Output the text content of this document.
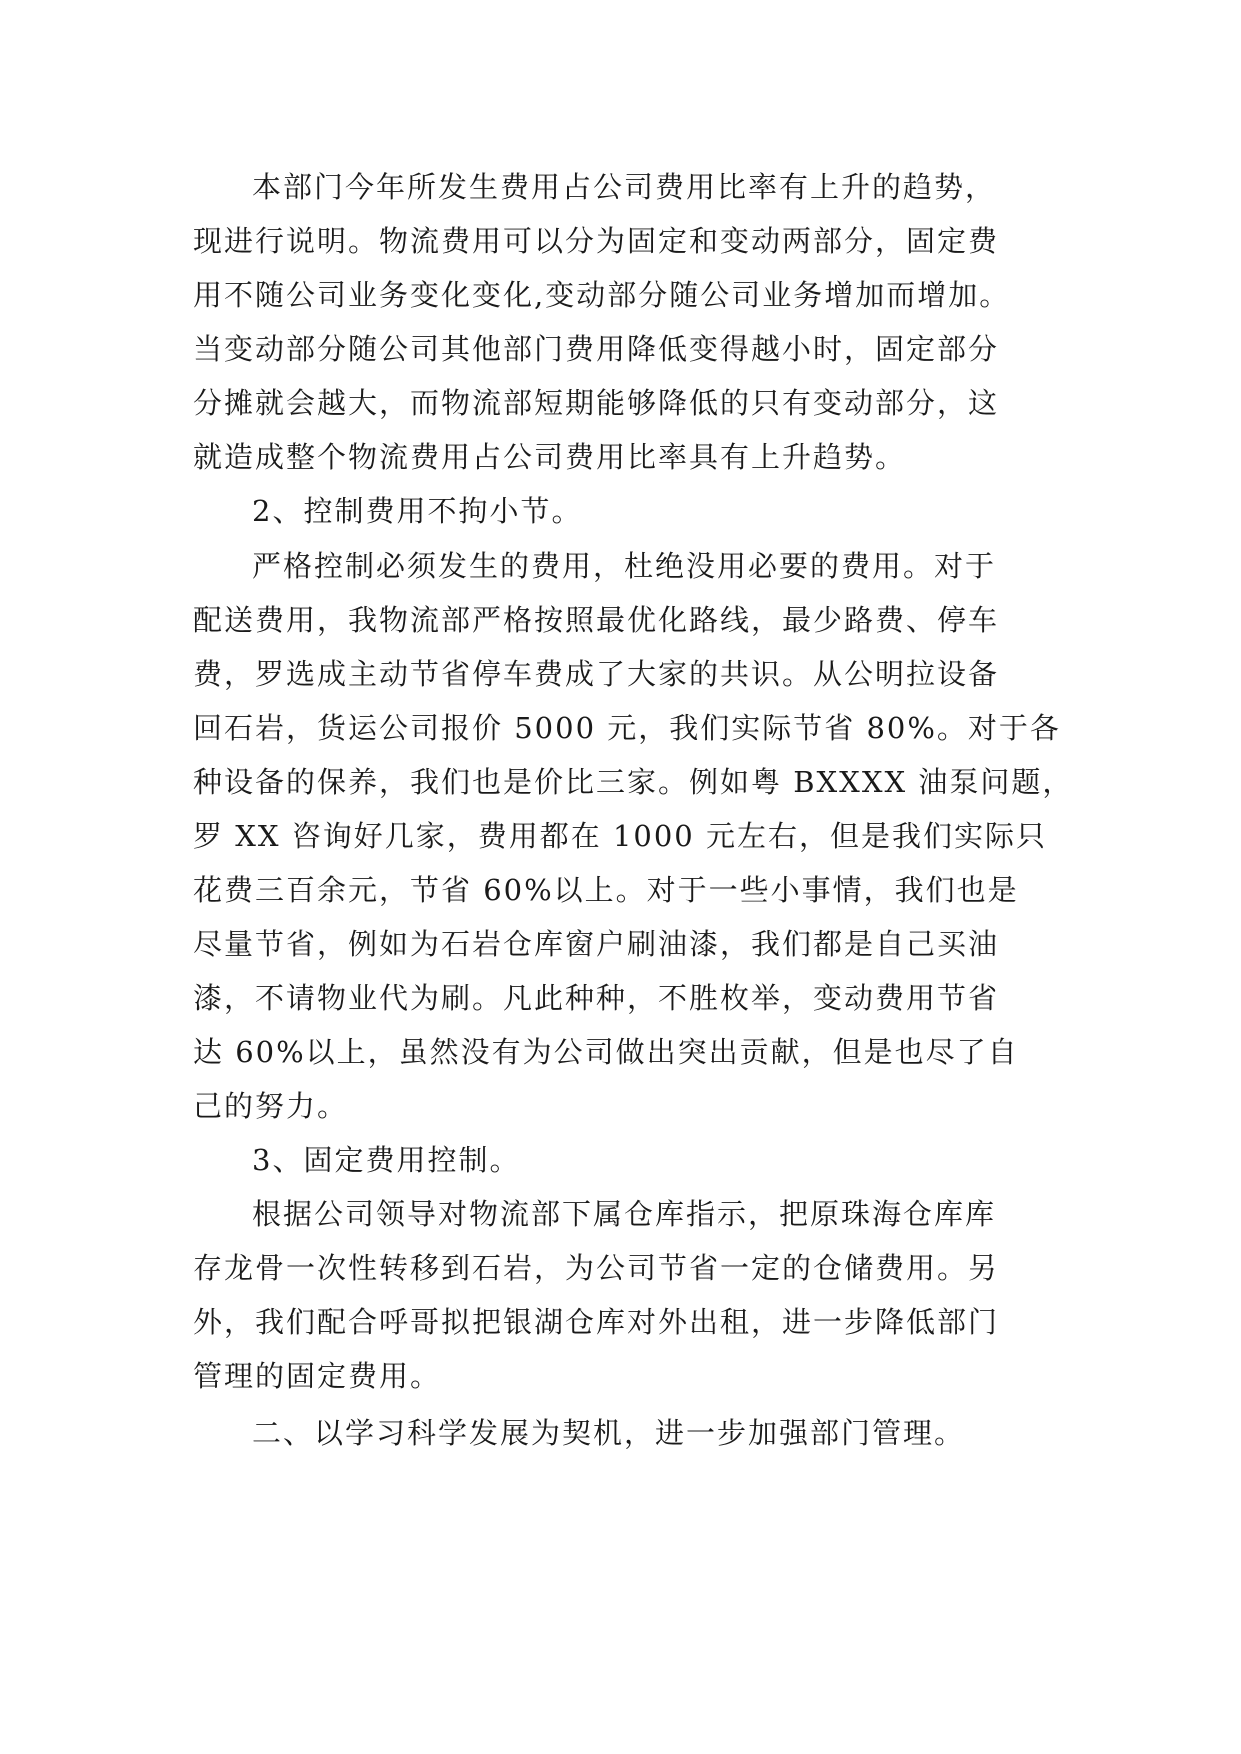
本部门今年所发生费用占公司费用比率有上升的趋势，
现进行说明。物流费用可以分为固定和变动两部分，固定费
用不随公司业务变化变化,变动部分随公司业务增加而增加。
当变动部分随公司其他部门费用降低变得越小时，固定部分
分摊就会越大，而物流部短期能够降低的只有变动部分，这
就造成整个物流费用占公司费用比率具有上升趋势。
2、控制费用不拘小节。
严格控制必须发生的费用，杜绝没用必要的费用。对于
配送费用，我物流部严格按照最优化路线，最少路费、停车
费，罗选成主动节省停车费成了大家的共识。从公明拉设备
回石岩，货运公司报价 5000 元，我们实际节省 80%。对于各
种设备的保养，我们也是价比三家。例如粤 BXXXX 油泵问题，
罗 XX 咨询好几家，费用都在 1000 元左右，但是我们实际只
花费三百余元，节省 60%以上。对于一些小事情，我们也是
尽量节省，例如为石岩仓库窗户刷油漆，我们都是自己买油
漆，不请物业代为刷。凡此种种，不胜枚举，变动费用节省
达 60%以上，虽然没有为公司做出突出贡献，但是也尽了自
己的努力。
3、固定费用控制。
根据公司领导对物流部下属仓库指示，把原珠海仓库库
存龙骨一次性转移到石岩，为公司节省一定的仓储费用。另
外，我们配合呼哥拟把银湖仓库对外出租，进一步降低部门
管理的固定费用。
二、以学习科学发展为契机，进一步加强部门管理。
